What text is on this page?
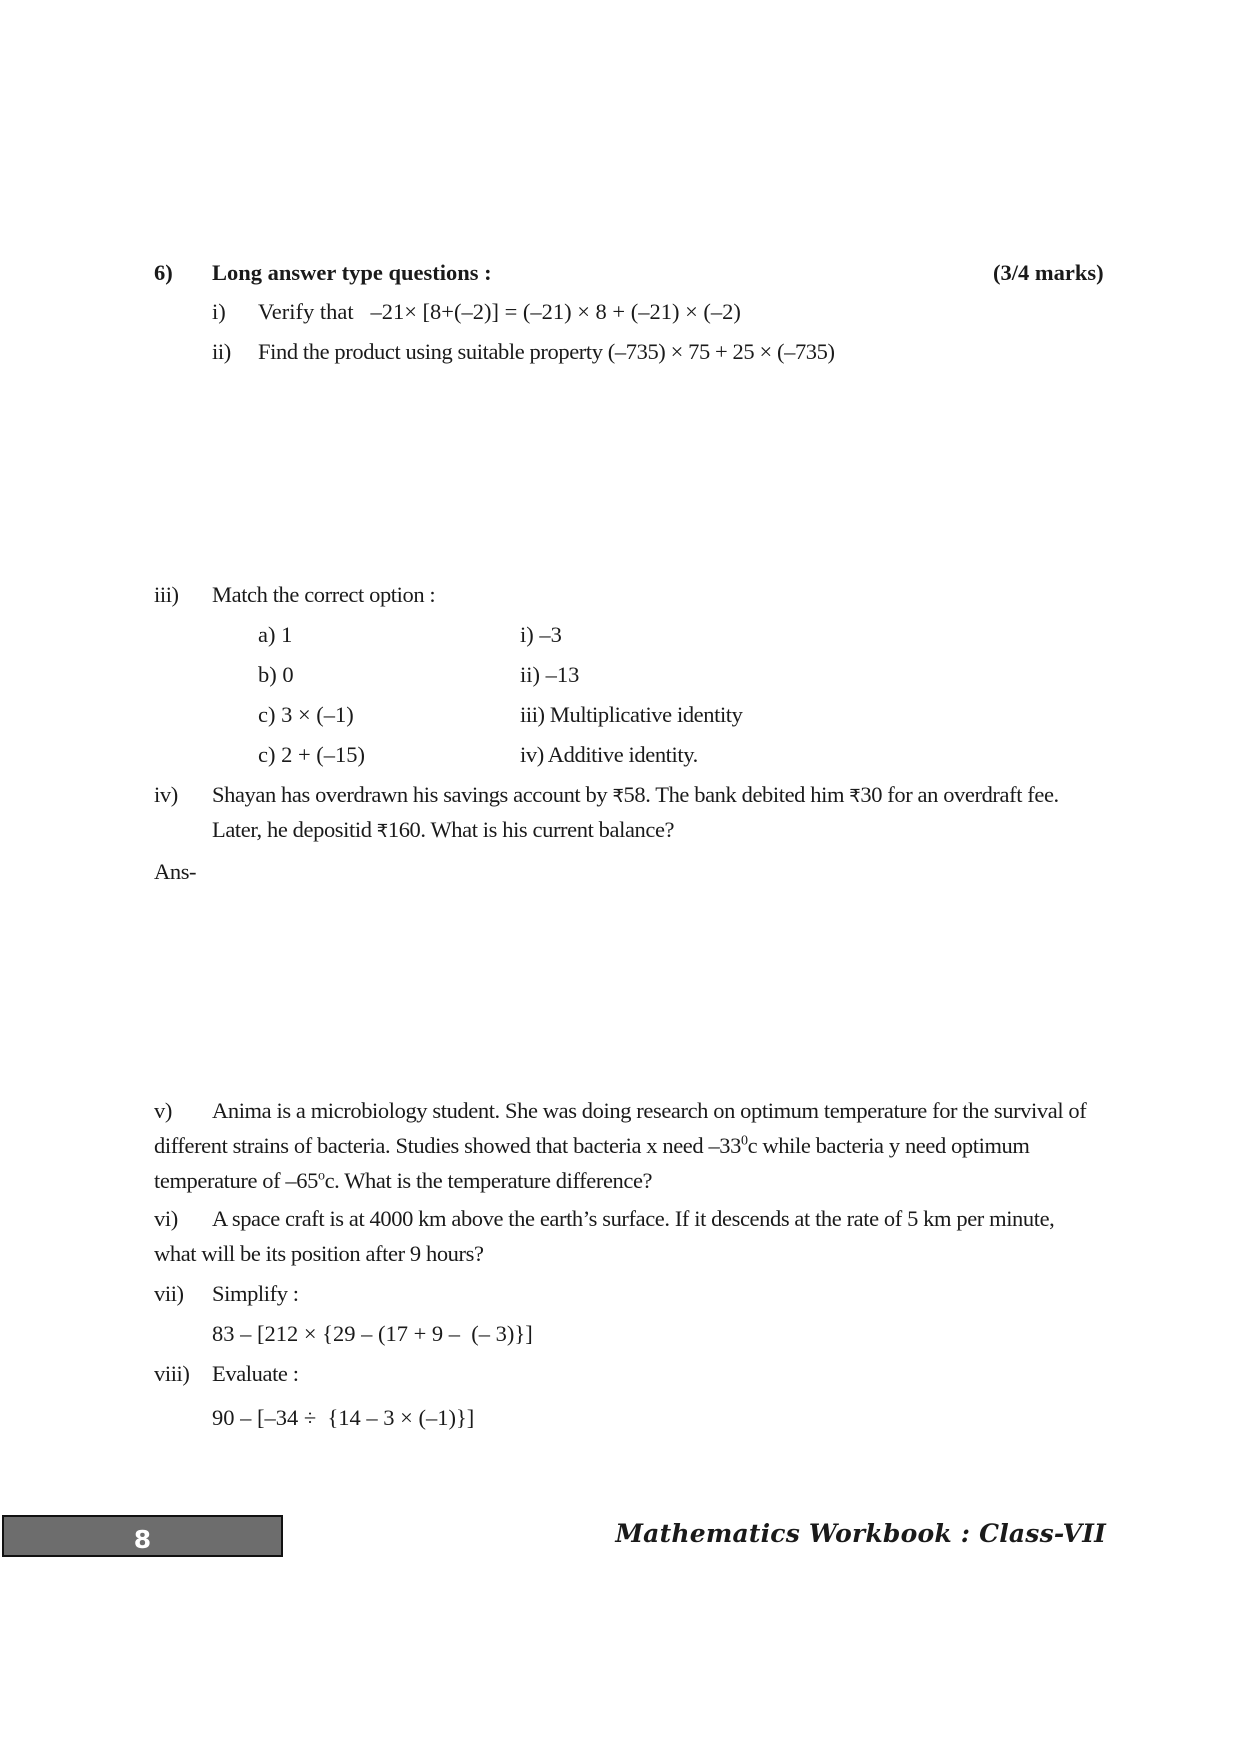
6) Long answer type questions :	(3/4 marks)
i) Verify that   –21× [8+(–2)] = (–21) × 8 + (–21) × (–2)
ii) Find the product using suitable property (–735) × 75 + 25 × (–735)
iii) Match the correct option :
a) 1
b) 0
c) 3 × (–1)
c) 2 + (–15)
i) –3
ii) –13
iii) Multiplicative identity
iv) Additive identity.
iv) Shayan has overdrawn his savings account by ₹58. The bank debited him ₹30 for an overdraft fee.
Later, he depositid ₹160. What is his current balance?
Ans-
v) Anima is a microbiology student. She was doing research on optimum temperature for the survival of
different strains of bacteria. Studies showed that bacteria x need $-33^0c$ while bacteria y need optimum
temperature of –65$^o$c. What is the temperature difference?
vi) A space craft is at 4000 km above the earth’s surface. If it descends at the rate of 5 km per minute,
what will be its position after 9 hours?
vii) Simplify :
83 – [212 × {29 – (17 + 9 –  (– 3)}]
viii) Evaluate :
90 – [–34 ÷  {14 – 3 × (–1)}]
8	Mathematics Workbook : Class-VII
